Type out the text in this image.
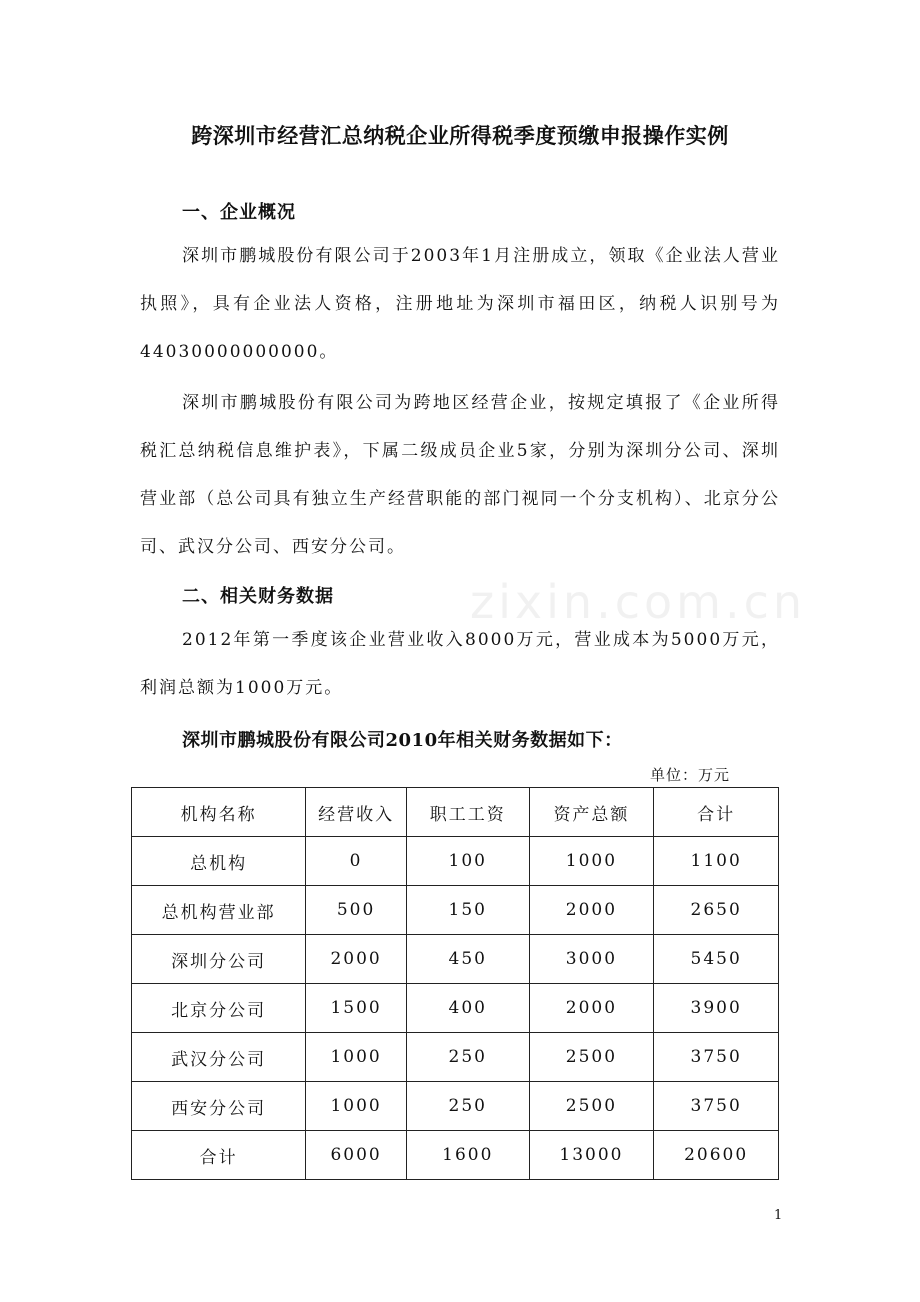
跨深圳市经营汇总纳税企业所得税季度预缴申报操作实例
一、企业概况

深圳市鹏城股份有限公司于2003年1月注册成立，领取《企业法人营业执照》，具有企业法人资格，注册地址为深圳市福田区，纳税人识别号为44030000000000。

深圳市鹏城股份有限公司为跨地区经营企业，按规定填报了《企业所得税汇总纳税信息维护表》，下属二级成员企业5家，分别为深圳分公司、深圳营业部（总公司具有独立生产经营职能的部门视同一个分支机构）、北京分公司、武汉分公司、西安分公司。

二、相关财务数据

2012年第一季度该企业营业收入8000万元，营业成本为5000万元，利润总额为1000万元。

zixin.com.cn
深圳市鹏城股份有限公司2010年相关财务数据如下：
单位：万元
机构名称	经营收入	职工工资	资产总额	合计
总机构	0	100	1000	1100
总机构营业部	500	150	2000	2650
深圳分公司	2000	450	3000	5450
北京分公司	1500	400	2000	3900
武汉分公司	1000	250	2500	3750
西安分公司	1000	250	2500	3750
合计	6000	1600	13000	20600
1
